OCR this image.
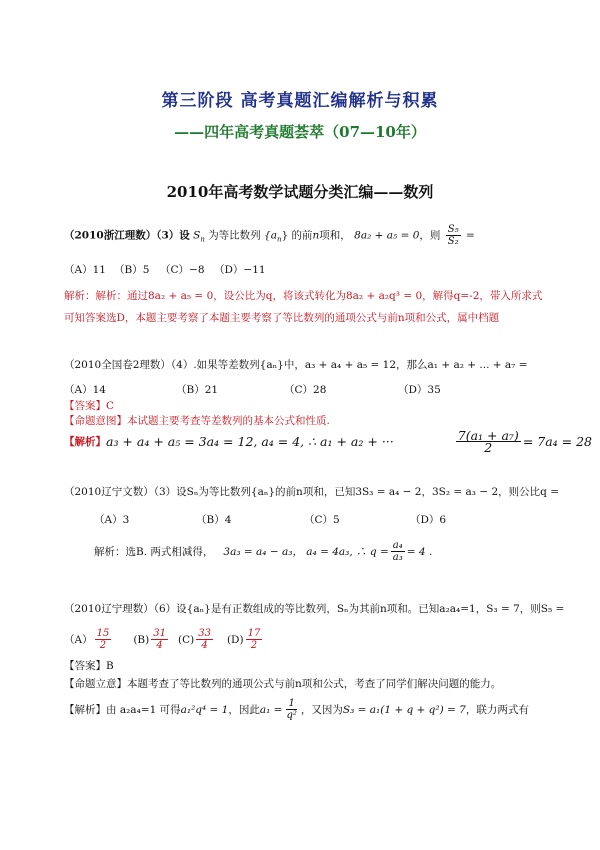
第三阶段 高考真题汇编解析与积累
——四年高考真题荟萃（07—10年）
2010年高考数学试题分类汇编——数列
（2010浙江理数）（3）设 $S_n$ 为等比数列 $\{a_n\}$ 的前n项和， 8a₂ + a₅ = 0，则 $\frac{\text{S₅}}{\text{S₂}}$ =
（A）11 （B）5 （C）−8 （D）−11
解析：解析：通过8a₂ + a₅ = 0，设公比为q，将该式转化为8a₂ + a₂q³ = 0，解得q=-2，带入所求式
可知答案选D，本题主要考察了本题主要考察了等比数列的通项公式与前n项和公式，属中档题
（2010全国卷2理数）（4）.如果等差数列{aₙ}中，a₃ + a₄ + a₅ = 12，那么a₁ + a₂ + ... + a₇ =
（A）14	（B）21	（C）28	（D）35
【答案】C
【命题意图】本试题主要考查等差数列的基本公式和性质.
【解析】 a₃ + a₄ + a₅ = 3a₄ = 12, a₄ = 4, ∴ a₁ + a₂ + ···	$\frac{\text{7(a₁ + a₇)}}{2} = 7a_4 = 28$
（2010辽宁文数）（3）设Sₙ为等比数列{aₙ}的前n项和，已知3S₃ = a₄ − 2，3S₂ = a₃ − 2，则公比q =
（A）3	（B）4	（C）5	（D）6
解析：选B. 两式相减得， 3a₃ = a₄ − a₃， a₄ = 4a₃, ∴ $q = \frac{\text{a₄}}{\text{a₃}} = 4$ .
（2010辽宁理数）（6）设{aₙ}是有正数组成的等比数列，Sₙ为其前n项和。已知a₂a₄=1，S₃ = 7，则S₅ =
$(A) \frac{15}{2} (B) \frac{31}{4} (C) \frac{33}{4} (D) \frac{17}{2}$
【答案】B
【命题立意】本题考查了等比数列的通项公式与前n项和公式，考查了同学们解决问题的能力。
【解析】由 a₂a₄=1 可得 a₁²q⁴ = 1 ，因此 $a_1 = \frac{1}{\text{q²}}$ ，又因为 S₃ = a₁(1 + q + q²) = 7 ，联力两式有
